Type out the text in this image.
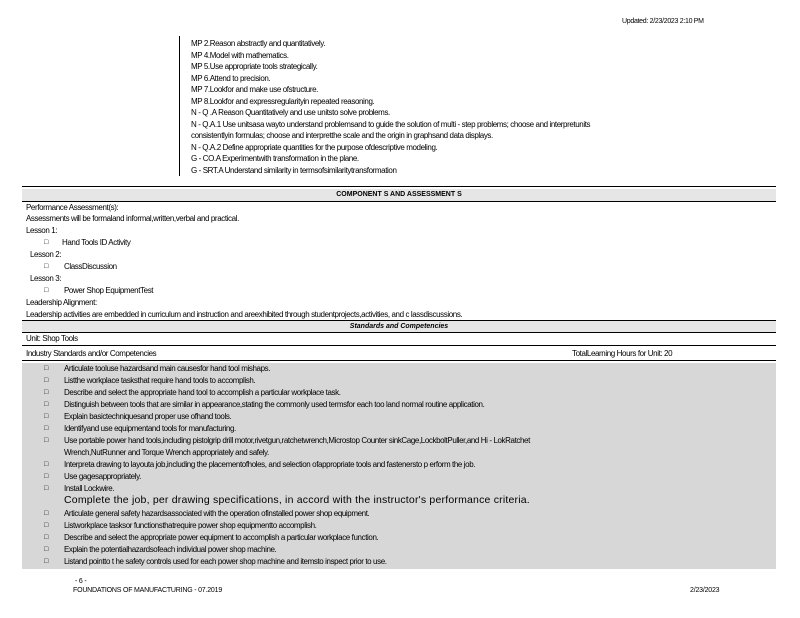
Updated: 2/23/2023 2:10 PM
MP 2.Reason abstractly and quantitatively.
MP 4.Model with mathematics.
MP 5.Use appropriate tools strategically.
MP 6.Attend to precision.
MP 7.Lookfor and make use ofstructure.
MP 8.Lookfor and expressregularityin repeated reasoning.
N - Q .A Reason Quantitatively and use unitsto solve problems.
N - Q.A.1 Use unitsasa wayto understand problemsand to guide the solution of multi - step problems; choose and interpretunits
consistentlyin formulas; choose and interpretthe scale and the origin in graphsand data displays.
N - Q.A.2 Define appropriate quantities for the purpose ofdescriptive modeling.
G - CO.A Experimentwith transformation in the plane.
G - SRT.A Understand similarity in termsofsimilaritytransformation
COMPONENT S AND ASSESSMENT S
Performance Assessment(s):
Assessments will be formaland informal,written,verbal and practical.
Lesson 1:
□ Hand Tools ID Activity
Lesson 2:
□ ClassDiscussion
Lesson 3:
□ Power Shop EquipmentTest
Leadership Alignment:
Leadership activities are embedded in curriculum and instruction and areexhibited through studentprojects,activities, and c lassdiscussions.
Standards and Competencies
Unit: Shop Tools
Industry Standards and/or Competencies	TotalLearning Hours for Unit: 20
□ Articulate tooluse hazardsand main causesfor hand tool mishaps.
□ Listthe workplace tasksthat require hand tools to accomplish.
□ Describe and select the appropriate hand tool to accomplish a particular workplace task.
□ Distinguish between tools that are similar in appearance,stating the commonly used termsfor each too land normal routine application.
□ Explain basictechniquesand proper use ofhand tools.
□ Identifyand use equipmentand tools for manufacturing.
□ Use portable power hand tools,including pistolgrip drill motor,rivetgun,ratchetwrench,Microstop Counter sinkCage,LockboltPuller,and Hi - LokRatchet
Wrench,NutRunner and Torque Wrench appropriately and safely.
□ Interpreta drawing to layouta job,including the placementofholes, and selection ofappropriate tools and fastenersto p erform the job.
□ Use gagesappropriately.
□ Install Lockwire.
Complete the job, per drawing specifications, in accord with the instructor's performance criteria.
□ Articulate general safety hazardsassociated with the operation ofinstalled power shop equipment.
□ Listworkplace tasksor functionsthatrequire power shop equipmentto accomplish.
□ Describe and select the appropriate power equipment to accomplish a particular workplace function.
□ Explain the potentialhazardsofeach individual power shop machine.
□ Listand pointto t he safety controls used for each power shop machine and itemsto inspect prior to use.
- 6 -
FOUNDATIONS OF MANUFACTURING - 07.2019	2/23/2023
